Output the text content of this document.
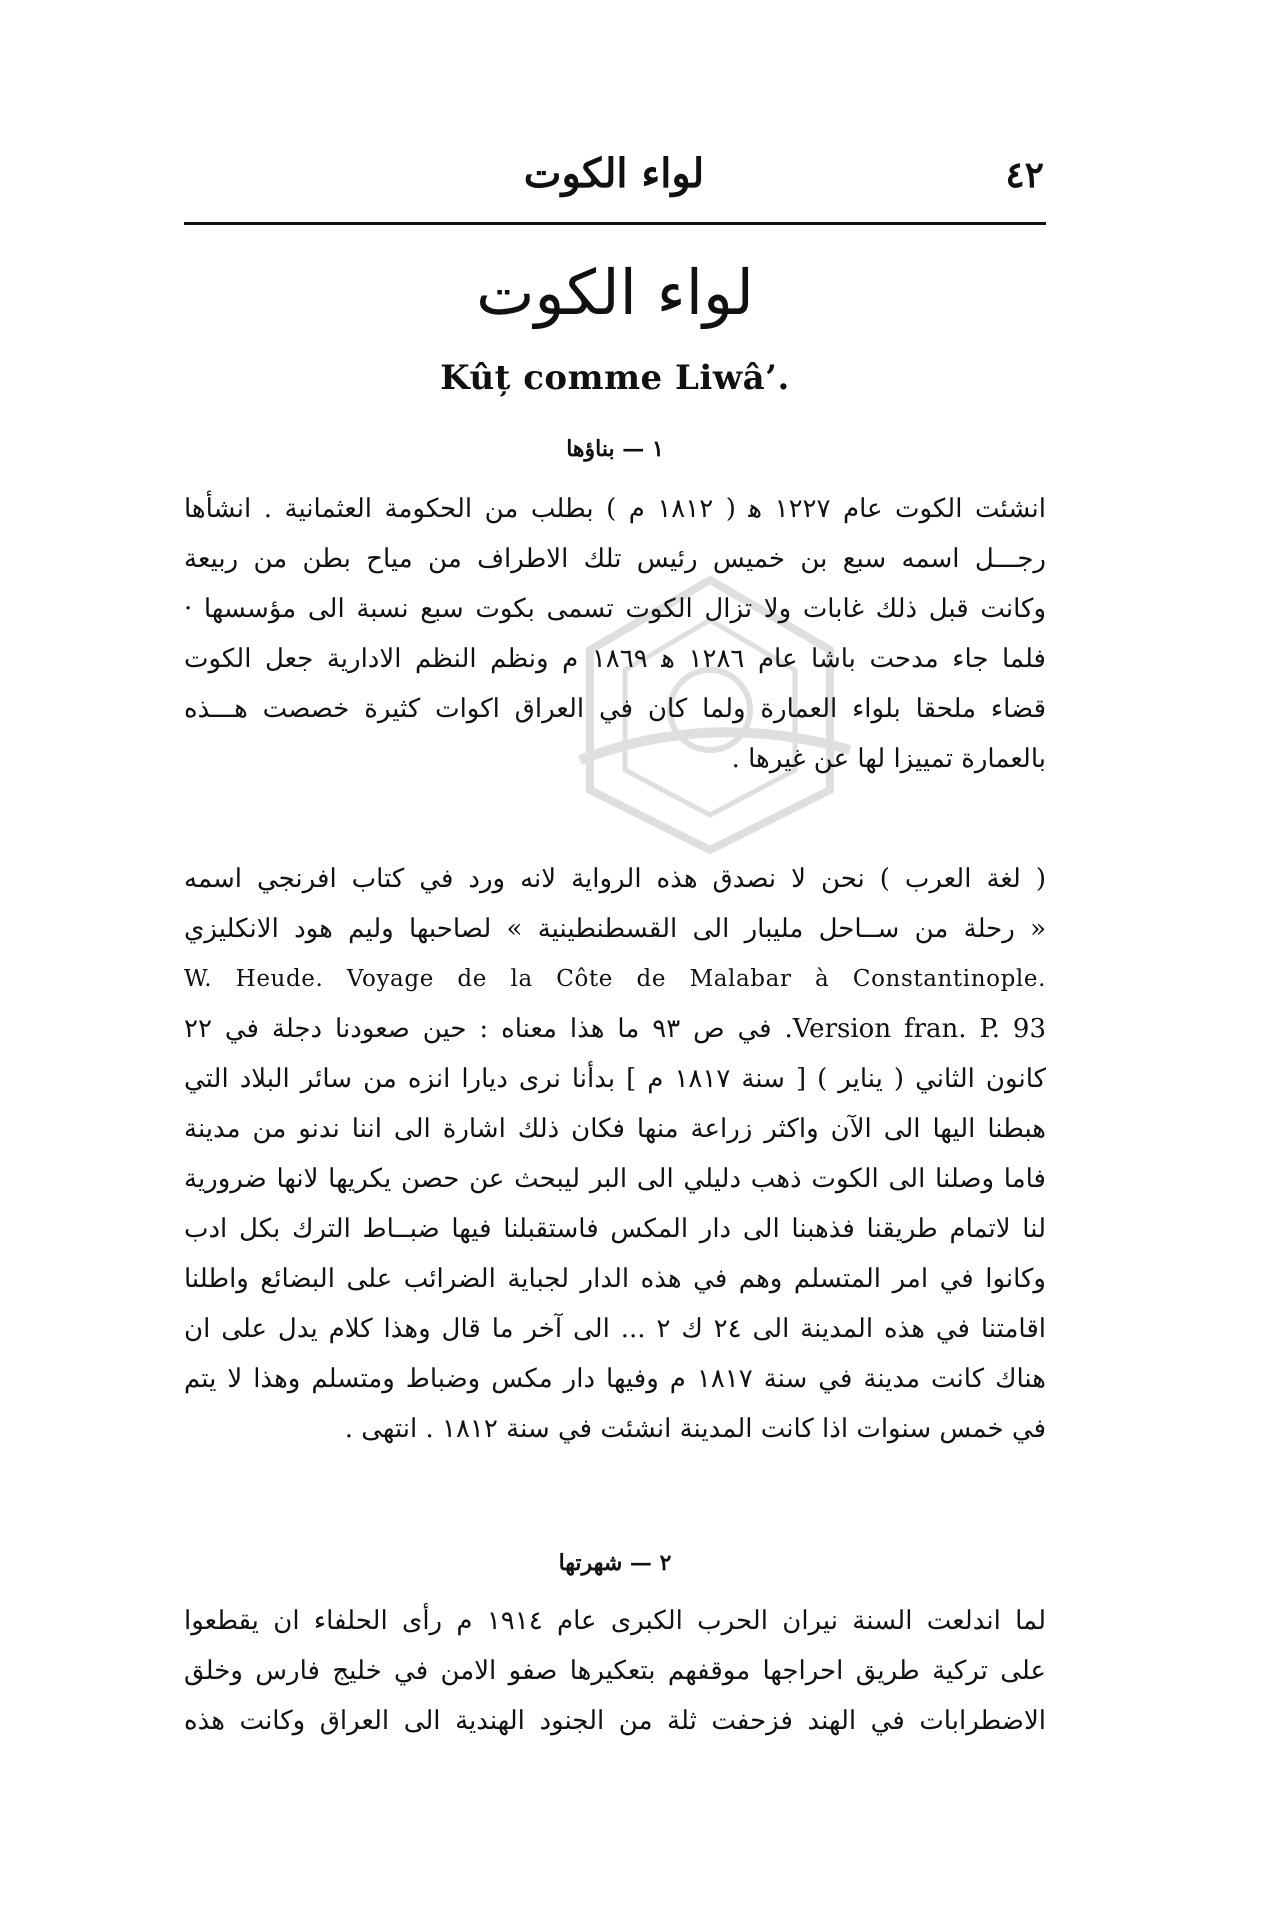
٤٢
لواء الكوت
لواء الكوت
Kûț comme Liwâ’.
١ — بناؤها
انشئت الكوت عام ١٢٢٧ ﻫ ( ١٨١٢ م ) بطلب من الحكومة العثمانية . انشأها
رجـــل اسمه سبع بن خميس رئيس تلك الاطراف من مياح بطن من ربيعة
وكانت قبل ذلك غابات ولا تزال الكوت تسمى بكوت سبع نسبة الى مؤسسها ·
فلما جاء مدحت باشا عام ١٢٨٦ ﻫ ١٨٦٩ م ونظم النظم الادارية جعل الكوت
قضاء ملحقا بلواء العمارة ولما كان في العراق اكوات كثيرة خصصت هـــذه
بالعمارة تمييزا لها عن غيرها .
( لغة العرب ) نحن لا نصدق هذه الرواية لانه ورد في كتاب افرنجي اسمه
« رحلة من ســاحل مليبار الى القسطنطينية » لصاحبها وليم هود الانكليزي
W. Heude. Voyage de la Côte de Malabar à Constantinople.
Version fran. P. 93. في ص ٩٣ ما هذا معناه : حين صعودنا دجلة في ٢٢
كانون الثاني ( يناير ) [ سنة ١٨١٧ م ] بدأنا نرى ديارا انزه من سائر البلاد التي
هبطنا اليها الى الآن واكثر زراعة منها فكان ذلك اشارة الى اننا ندنو من مدينة
فاما وصلنا الى الكوت ذهب دليلي الى البر ليبحث عن حصن يكريها لانها ضرورية
لنا لاتمام طريقنا فذهبنا الى دار المكس فاستقبلنا فيها ضبــاط الترك بكل ادب
وكانوا في امر المتسلم وهم في هذه الدار لجباية الضرائب على البضائع واطلنا
اقامتنا في هذه المدينة الى ٢٤ ك ٢ ... الى آخر ما قال وهذا كلام يدل على ان
هناك كانت مدينة في سنة ١٨١٧ م وفيها دار مكس وضباط ومتسلم وهذا لا يتم
في خمس سنوات اذا كانت المدينة انشئت في سنة ١٨١٢ . انتهى .
٢ — شهرتها
لما اندلعت السنة نيران الحرب الكبرى عام ١٩١٤ م رأى الحلفاء ان يقطعوا
على تركية طريق احراجها موقفهم بتعكيرها صفو الامن في خليج فارس وخلق
الاضطرابات في الهند فزحفت ثلة من الجنود الهندية الى العراق وكانت هذه
